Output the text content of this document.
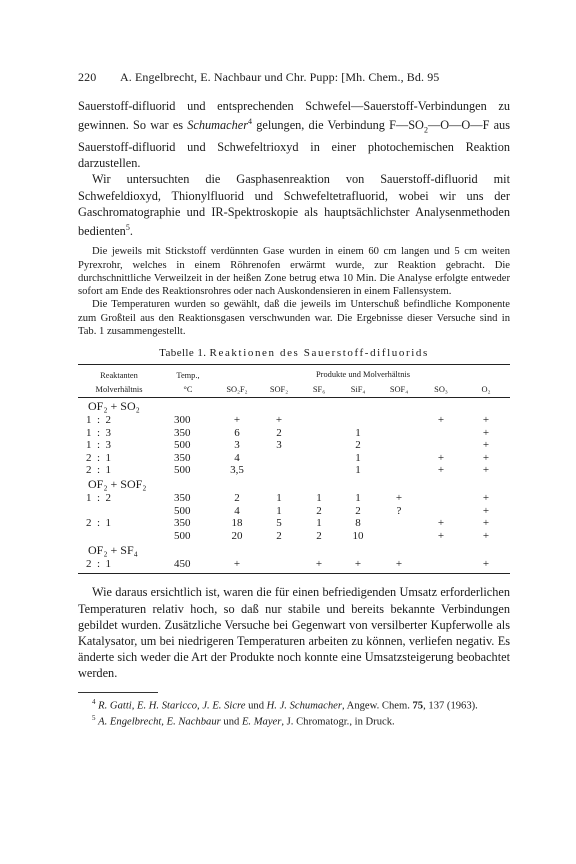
220 A. Engelbrecht, E. Nachbaur und Chr. Pupp: [Mh. Chem., Bd. 95

Sauerstoff-difluorid und entsprechenden Schwefel—Sauerstoff-Verbindungen zu gewinnen. So war es Schumacher$^4$ gelungen, die Verbindung $F—SO_2—O—O—F$ aus Sauerstoff-difluorid und Schwefeltrioxyd in einer photochemischen Reaktion darzustellen.

Wir untersuchten die Gasphasenreaktion von Sauerstoff-difluorid mit Schwefeldioxyd, Thionylfluorid und Schwefeltetrafluorid, wobei wir uns der Gaschromatographie und IR-Spektroskopie als hauptsächlichster Analysenmethoden bedienten$^5$.

Die jeweils mit Stickstoff verdünnten Gase wurden in einem 60 cm langen und 5 cm weiten Pyrexrohr, welches in einem Röhrenofen erwärmt wurde, zur Reaktion gebracht. Die durchschnittliche Verweilzeit in der heißen Zone betrug etwa 10 Min. Die Analyse erfolgte entweder sofort am Ende des Reaktionsrohres oder nach Auskondensieren in einem Fallensystem.

Die Temperaturen wurden so gewählt, daß die jeweils im Unterschuß befindliche Komponente zum Großteil aus den Reaktionsgasen verschwunden war. Die Ergebnisse dieser Versuche sind in Tab. 1 zusammengestellt.

Tabelle 1. Reaktionen des Sauerstoff-difluorids
Reaktanten	Temp.,	Produkte und Molverhältnis						
Molverhältnis	°C	SO₂F₂	SOF₂	SF₆	SiF₄	SOF₄	SO₃	O₂
OF₂ + SO₂								
1  :  2	300	+	+				+	+
1  :  3	350	6	2		1			+
1  :  3	500	3	3		2			+
2  :  1	350	4			1		+	+
2  :  1	500	3,5			1		+	+
OF₂ + SOF₂								
1  :  2	350	2	1	1	1	+		+
	500	4	1	2	2	?		+
2  :  1	350	18	5	1	8		+	+
	500	20	2	2	10		+	+
OF₂ + SF₄								
2  :  1	450	+		+	+	+		+

Wie daraus ersichtlich ist, waren die für einen befriedigenden Umsatz erforderlichen Temperaturen relativ hoch, so daß nur stabile und bereits bekannte Verbindungen gebildet wurden. Zusätzliche Versuche bei Gegenwart von versilberter Kupferwolle als Katalysator, um bei niedrigeren Temperaturen arbeiten zu können, verliefen negativ. Es änderte sich weder die Art der Produkte noch konnte eine Umsatzsteigerung beobachtet werden.

$^4$ R. Gatti, E. H. Staricco, J. E. Sicre und H. J. Schumacher, Angew. Chem. 75, 137 (1963).

$^5$ A. Engelbrecht, E. Nachbaur und E. Mayer, J. Chromatogr., in Druck.
